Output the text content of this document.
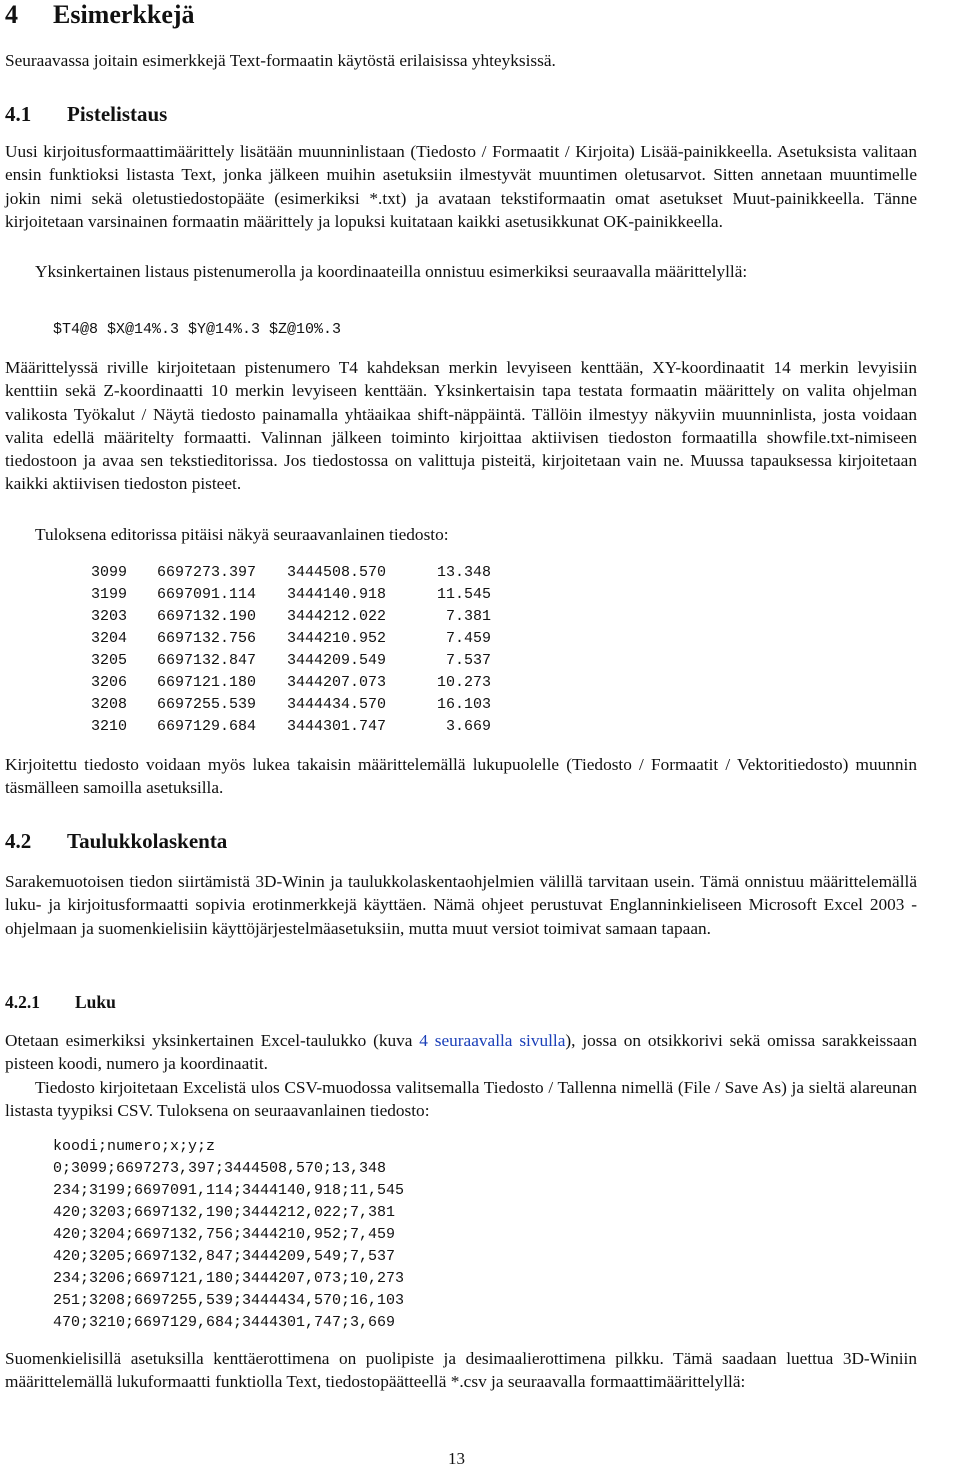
4 Esimerkkejä

Seuraavassa joitain esimerkkejä Text-formaatin käytöstä erilaisissa yhteyksissä.

4.1 Pistelistaus

Uusi kirjoitusformaattimäärittely lisätään muunninlistaan (Tiedosto / Formaatit / Kirjoita) Lisää-painikkeella. Asetuksista valitaan ensin funktioksi listasta Text, jonka jälkeen muihin asetuksiin ilmestyvät muuntimen oletusarvot. Sitten annetaan muuntimelle jokin nimi sekä oletustiedostopääte (esimerkiksi *.txt) ja avataan tekstiformaatin omat asetukset Muut-painikkeella. Tänne kirjoitetaan varsinainen formaatin määrittely ja lopuksi kuitataan kaikki asetusikkunat OK-painikkeella.

Yksinkertainen listaus pistenumerolla ja koordinaateilla onnistuu esimerkiksi seuraavalla määrittelyllä:

$T4@8 $X@14%.3 $Y@14%.3 $Z@10%.3

Määrittelyssä riville kirjoitetaan pistenumero T4 kahdeksan merkin levyiseen kenttään, XY-koordinaatit 14 merkin levyisiin kenttiin sekä Z-koordinaatti 10 merkin levyiseen kenttään. Yksinkertaisin tapa testata formaatin määrittely on valita ohjelman valikosta Työkalut / Näytä tiedosto painamalla yhtäaikaa shift-näppäintä. Tällöin ilmestyy näkyviin muunninlista, josta voidaan valita edellä määritelty formaatti. Valinnan jälkeen toiminto kirjoittaa aktiivisen tiedoston formaatilla showfile.txt-nimiseen tiedostoon ja avaa sen tekstieditorissa. Jos tiedostossa on valittuja pisteitä, kirjoitetaan vain ne. Muussa tapauksessa kirjoitetaan kaikki aktiivisen tiedoston pisteet.

Tuloksena editorissa pitäisi näkyä seuraavanlainen tiedosto:

3099	6697273.397	3444508.570	13.348
3199	6697091.114	3444140.918	11.545
3203	6697132.190	3444212.022	7.381
3204	6697132.756	3444210.952	7.459
3205	6697132.847	3444209.549	7.537
3206	6697121.180	3444207.073	10.273
3208	6697255.539	3444434.570	16.103
3210	6697129.684	3444301.747	3.669

Kirjoitettu tiedosto voidaan myös lukea takaisin määrittelemällä lukupuolelle (Tiedosto / Formaatit / Vektoritiedosto) muunnin täsmälleen samoilla asetuksilla.

4.2 Taulukkolaskenta

Sarakemuotoisen tiedon siirtämistä 3D-Winin ja taulukkolaskentaohjelmien välillä tarvitaan usein. Tämä onnistuu määrittelemällä luku- ja kirjoitusformaatti sopivia erotinmerkkejä käyttäen. Nämä ohjeet perustuvat Englanninkieliseen Microsoft Excel 2003 -ohjelmaan ja suomenkielisiin käyttöjärjestelmäasetuksiin, mutta muut versiot toimivat samaan tapaan.

4.2.1 Luku

Otetaan esimerkiksi yksinkertainen Excel-taulukko (kuva 4 seuraavalla sivulla), jossa on otsikkorivi sekä omissa sarakkeissaan pisteen koodi, numero ja koordinaatit.

Tiedosto kirjoitetaan Excelistä ulos CSV-muodossa valitsemalla Tiedosto / Tallenna nimellä (File / Save As) ja sieltä alareunan listasta tyypiksi CSV. Tuloksena on seuraavanlainen tiedosto:

koodi;numero;x;y;z
0;3099;6697273,397;3444508,570;13,348
234;3199;6697091,114;3444140,918;11,545
420;3203;6697132,190;3444212,022;7,381
420;3204;6697132,756;3444210,952;7,459
420;3205;6697132,847;3444209,549;7,537
234;3206;6697121,180;3444207,073;10,273
251;3208;6697255,539;3444434,570;16,103
470;3210;6697129,684;3444301,747;3,669

Suomenkielisillä asetuksilla kenttäerottimena on puolipiste ja desimaalierottimena pilkku. Tämä saadaan luettua 3D-Winiin määrittelemällä lukuformaatti funktiolla Text, tiedostopäätteellä *.csv ja seuraavalla formaattimäärittelyllä:

13
